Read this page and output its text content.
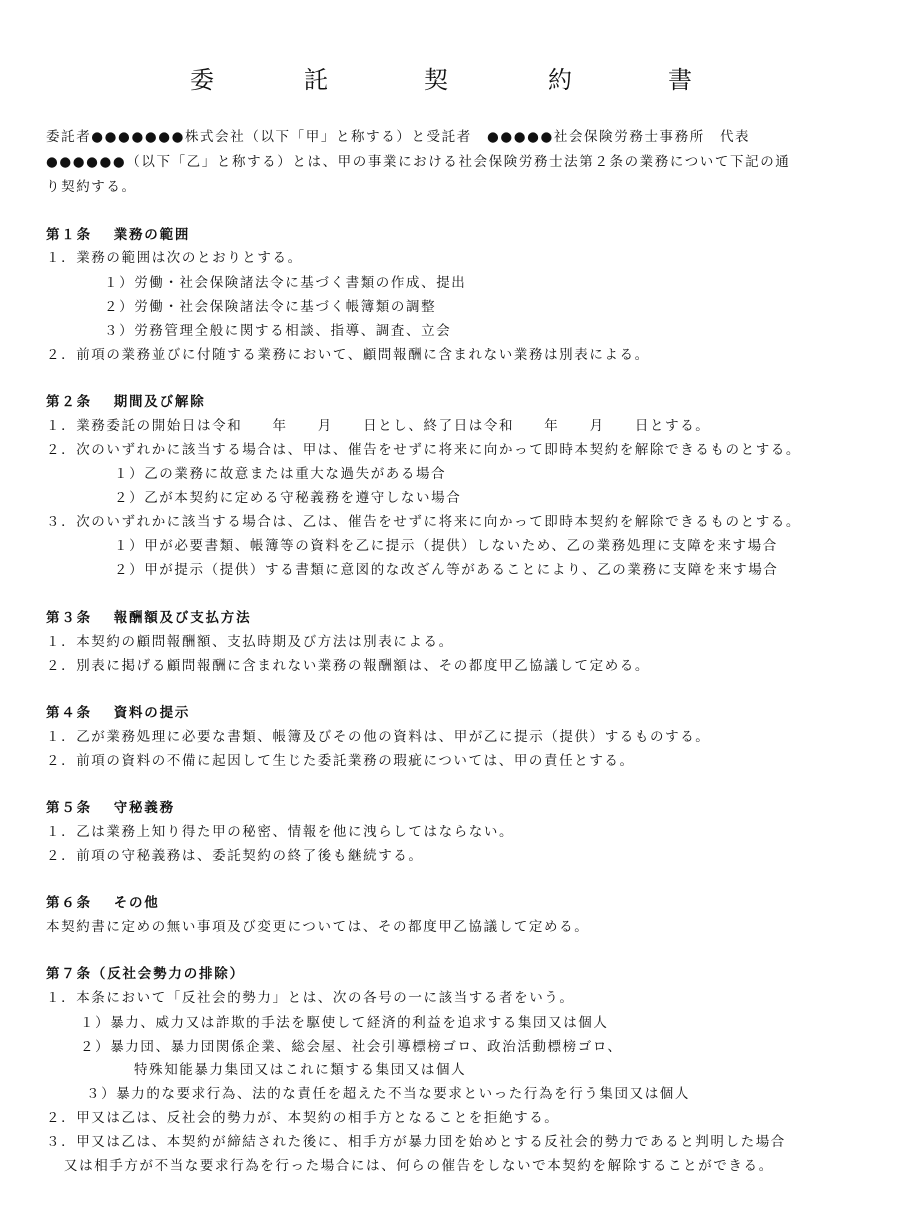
委	託	契	約	書
委託者●●●●●●●株式会社（以下「甲」と称する）と受託者　●●●●●社会保険労務士事務所　代表
●●●●●●（以下「乙」と称する）とは、甲の事業における社会保険労務士法第２条の業務について下記の通
り契約する。
第１条　 業務の範囲
１．業務の範囲は次のとおりとする。
１）労働・社会保険諸法令に基づく書類の作成、提出
２）労働・社会保険諸法令に基づく帳簿類の調整
３）労務管理全般に関する相談、指導、調査、立会
２．前項の業務並びに付随する業務において、顧問報酬に含まれない業務は別表による。
第２条　 期間及び解除
１．業務委託の開始日は令和　　年　　月　　日とし、終了日は令和　　年　　月　　日とする。
２．次のいずれかに該当する場合は、甲は、催告をせずに将来に向かって即時本契約を解除できるものとする。
１）乙の業務に故意または重大な過失がある場合
２）乙が本契約に定める守秘義務を遵守しない場合
３．次のいずれかに該当する場合は、乙は、催告をせずに将来に向かって即時本契約を解除できるものとする。
１）甲が必要書類、帳簿等の資料を乙に提示（提供）しないため、乙の業務処理に支障を来す場合
２）甲が提示（提供）する書類に意図的な改ざん等があることにより、乙の業務に支障を来す場合
第３条　 報酬額及び支払方法
１．本契約の顧問報酬額、支払時期及び方法は別表による。
２．別表に掲げる顧問報酬に含まれない業務の報酬額は、その都度甲乙協議して定める。
第４条　 資料の提示
１．乙が業務処理に必要な書類、帳簿及びその他の資料は、甲が乙に提示（提供）するものする。
２．前項の資料の不備に起因して生じた委託業務の瑕疵については、甲の責任とする。
第５条　 守秘義務
１．乙は業務上知り得た甲の秘密、情報を他に洩らしてはならない。
２．前項の守秘義務は、委託契約の終了後も継続する。
第６条　 その他
本契約書に定めの無い事項及び変更については、その都度甲乙協議して定める。
第７条（反社会勢力の排除）
１．本条において「反社会的勢力」とは、次の各号の一に該当する者をいう。
１）暴力、威力又は詐欺的手法を駆使して経済的利益を追求する集団又は個人
２）暴力団、暴力団関係企業、総会屋、社会引導標榜ゴロ、政治活動標榜ゴロ、
特殊知能暴力集団又はこれに類する集団又は個人
３）暴力的な要求行為、法的な責任を超えた不当な要求といった行為を行う集団又は個人
２．甲又は乙は、反社会的勢力が、本契約の相手方となることを拒絶する。
３．甲又は乙は、本契約が締結された後に、相手方が暴力団を始めとする反社会的勢力であると判明した場合
又は相手方が不当な要求行為を行った場合には、何らの催告をしないで本契約を解除することができる。
